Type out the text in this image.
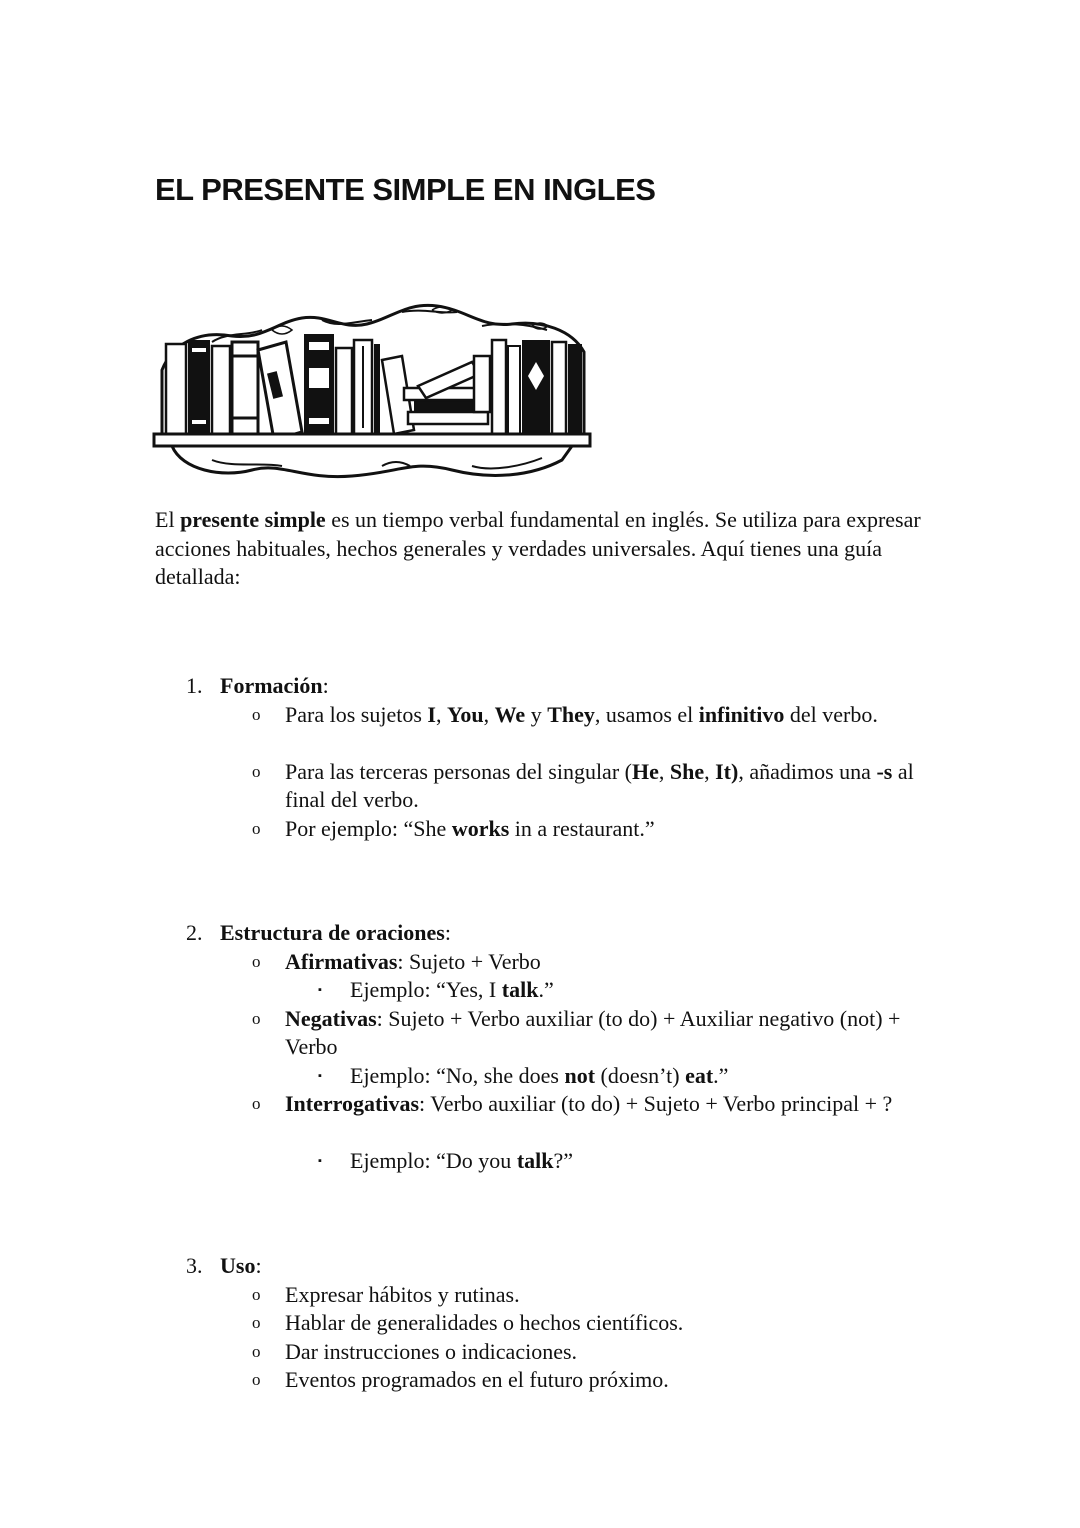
EL PRESENTE SIMPLE EN INGLES

El presente simple es un tiempo verbal fundamental en inglés. Se utiliza para expresar acciones habituales, hechos generales y verdades universales. Aquí tienes una guía detallada:

1. Formación:
o Para los sujetos I, You, We y They, usamos el infinitivo del verbo.
o Para las terceras personas del singular (He, She, It), añadimos una -s al final del verbo.
o Por ejemplo: “She works in a restaurant.”
2. Estructura de oraciones:
o Afirmativas: Sujeto + Verbo
▪ Ejemplo: “Yes, I talk.”
o Negativas: Sujeto + Verbo auxiliar (to do) + Auxiliar negativo (not) + Verbo
▪ Ejemplo: “No, she does not (doesn’t) eat.”
o Interrogativas: Verbo auxiliar (to do) + Sujeto + Verbo principal + ?
▪ Ejemplo: “Do you talk?”
3. Uso:
o Expresar hábitos y rutinas.
o Hablar de generalidades o hechos científicos.
o Dar instrucciones o indicaciones.
o Eventos programados en el futuro próximo.
